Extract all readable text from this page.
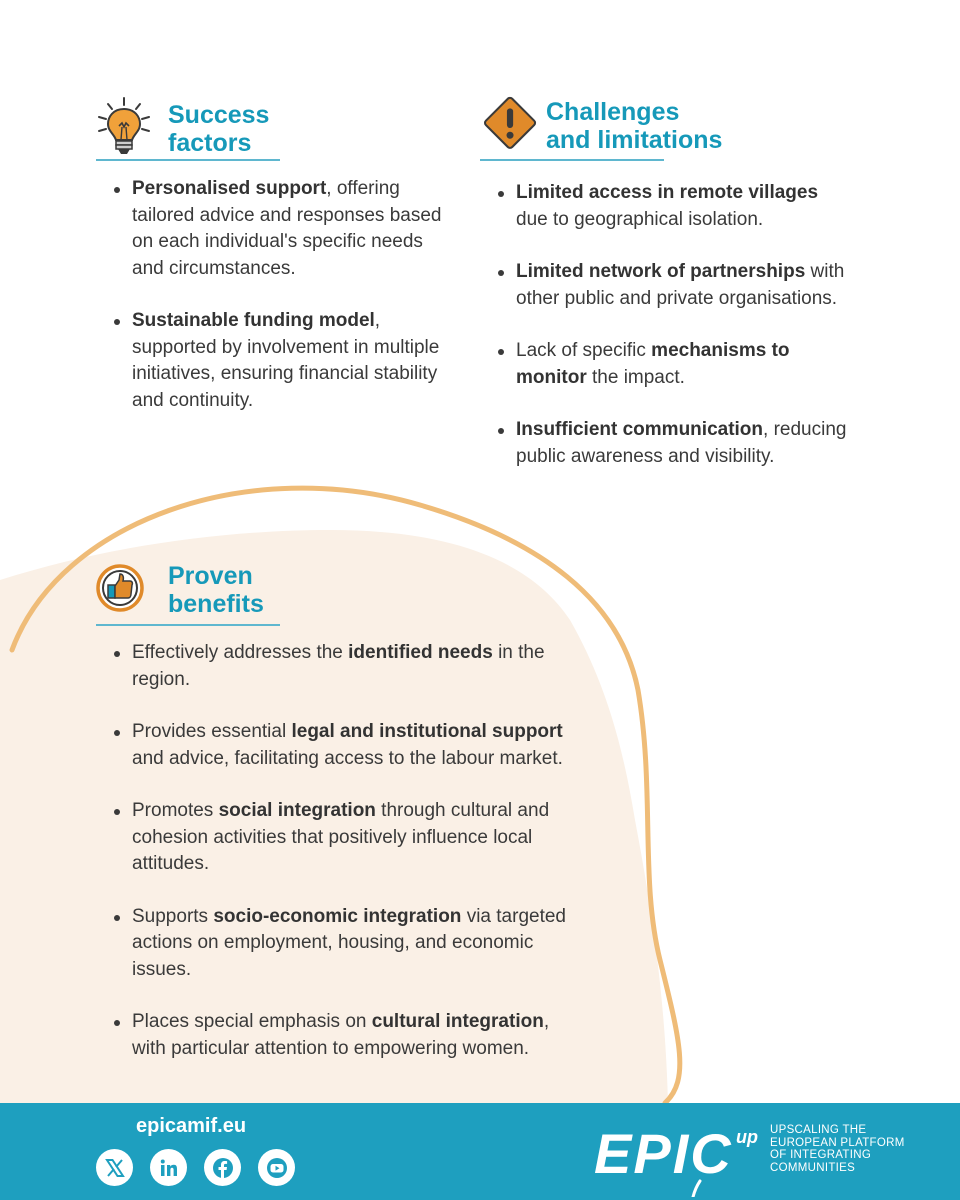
Success
factors
Personalised support, offering tailored advice and responses based on each individual's specific needs and circumstances.
Sustainable funding model, supported by involvement in multiple initiatives, ensuring financial stability and continuity.
Challenges
and limitations
Limited access in remote villages due to geographical isolation.
Limited network of partnerships with other public and private organisations.
Lack of specific mechanisms to monitor the impact.
Insufficient communication, reducing public awareness and visibility.
Proven
benefits
Effectively addresses the identified needs in the region.
Provides essential legal and institutional support and advice, facilitating access to the labour market.
Promotes social integration through cultural and cohesion activities that positively influence local attitudes.
Supports socio-economic integration via targeted actions on employment, housing, and economic issues.
Places special emphasis on cultural integration, with particular attention to empowering women.
epicamif.eu	EPIC up UPSCALING THE
EUROPEAN PLATFORM
OF INTEGRATING
COMMUNITIES
